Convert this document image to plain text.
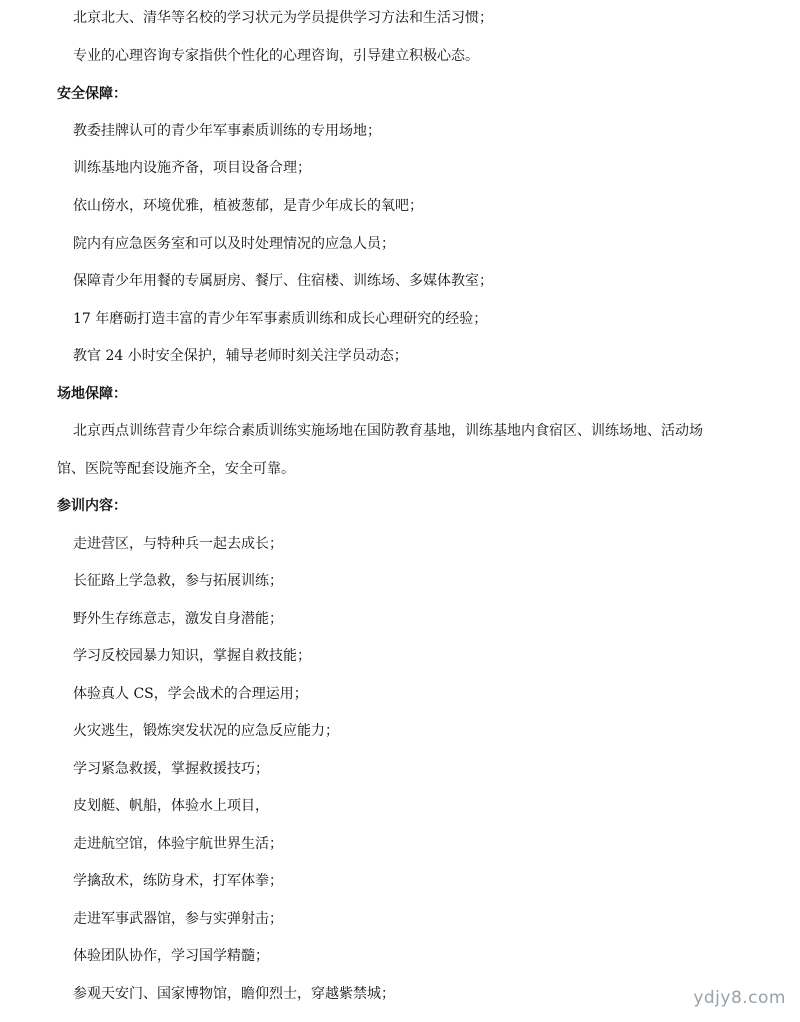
北京北大、清华等名校的学习状元为学员提供学习方法和生活习惯；
专业的心理咨询专家指供个性化的心理咨询，引导建立积极心态。
安全保障：
教委挂牌认可的青少年军事素质训练的专用场地；
训练基地内设施齐备，项目设备合理；
依山傍水，环境优雅，植被葱郁，是青少年成长的氧吧；
院内有应急医务室和可以及时处理情况的应急人员；
保障青少年用餐的专属厨房、餐厅、住宿楼、训练场、多媒体教室；
17 年磨砺打造丰富的青少年军事素质训练和成长心理研究的经验；
教官 24 小时安全保护，辅导老师时刻关注学员动态；
场地保障：
北京西点训练营青少年综合素质训练实施场地在国防教育基地，训练基地内食宿区、训练场地、活动场
馆、医院等配套设施齐全，安全可靠。
参训内容：
走进营区，与特种兵一起去成长；
长征路上学急救，参与拓展训练；
野外生存练意志，激发自身潜能；
学习反校园暴力知识，掌握自救技能；
体验真人 CS，学会战术的合理运用；
火灾逃生，锻炼突发状况的应急反应能力；
学习紧急救援，掌握救援技巧；
皮划艇、帆船，体验水上项目，
走进航空馆，体验宇航世界生活；
学擒敌术，练防身术，打军体拳；
走进军事武器馆，参与实弹射击；
体验团队协作，学习国学精髓；
参观天安门、国家博物馆，瞻仰烈士，穿越紫禁城；	ydjy8.com
